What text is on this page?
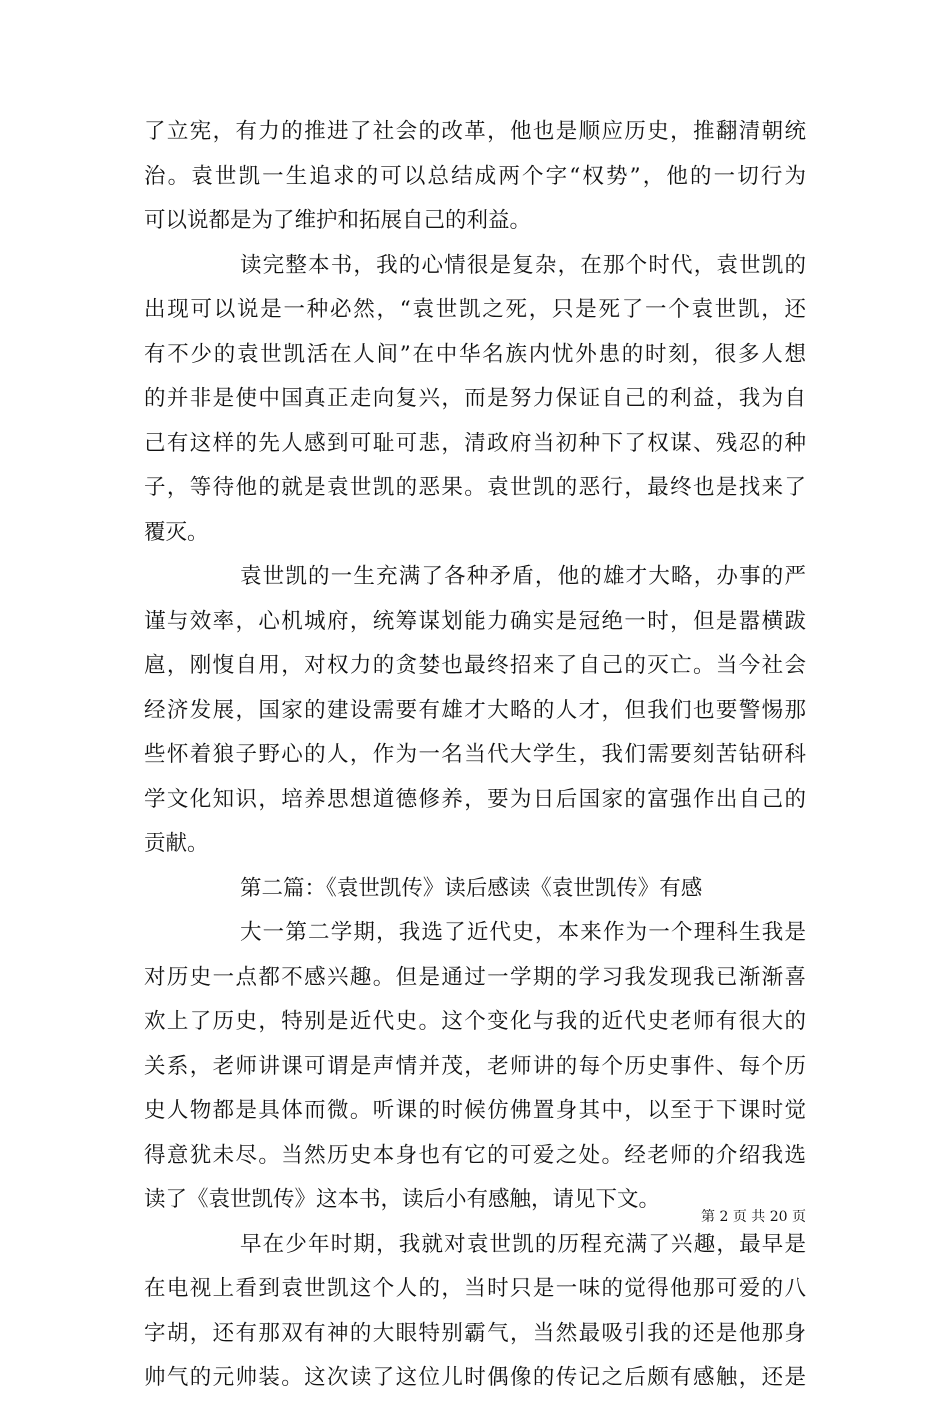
了立宪，有力的推进了社会的改革，他也是顺应历史，推翻清朝统
治。袁世凯一生追求的可以总结成两个字“权势”，他的一切行为
可以说都是为了维护和拓展自己的利益。
读完整本书，我的心情很是复杂，在那个时代，袁世凯的
出现可以说是一种必然，“袁世凯之死，只是死了一个袁世凯，还
有不少的袁世凯活在人间”在中华名族内忧外患的时刻，很多人想
的并非是使中国真正走向复兴，而是努力保证自己的利益，我为自
己有这样的先人感到可耻可悲，清政府当初种下了权谋、残忍的种
子，等待他的就是袁世凯的恶果。袁世凯的恶行，最终也是找来了
覆灭。
袁世凯的一生充满了各种矛盾，他的雄才大略，办事的严
谨与效率，心机城府，统筹谋划能力确实是冠绝一时，但是嚣横跋
扈，刚愎自用，对权力的贪婪也最终招来了自己的灭亡。当今社会
经济发展，国家的建设需要有雄才大略的人才，但我们也要警惕那
些怀着狼子野心的人，作为一名当代大学生，我们需要刻苦钻研科
学文化知识，培养思想道德修养，要为日后国家的富强作出自己的
贡献。
第二篇：《袁世凯传》读后感读《袁世凯传》有感
大一第二学期，我选了近代史，本来作为一个理科生我是
对历史一点都不感兴趣。但是通过一学期的学习我发现我已渐渐喜
欢上了历史，特别是近代史。这个变化与我的近代史老师有很大的
关系，老师讲课可谓是声情并茂，老师讲的每个历史事件、每个历
史人物都是具体而微。听课的时候仿佛置身其中，以至于下课时觉
得意犹未尽。当然历史本身也有它的可爱之处。经老师的介绍我选
读了《袁世凯传》这本书，读后小有感触，请见下文。
早在少年时期，我就对袁世凯的历程充满了兴趣，最早是
在电视上看到袁世凯这个人的，当时只是一味的觉得他那可爱的八
字胡，还有那双有神的大眼特别霸气，当然最吸引我的还是他那身
帅气的元帅装。这次读了这位儿时偶像的传记之后颇有感触，还是
第 2 页 共 20 页
